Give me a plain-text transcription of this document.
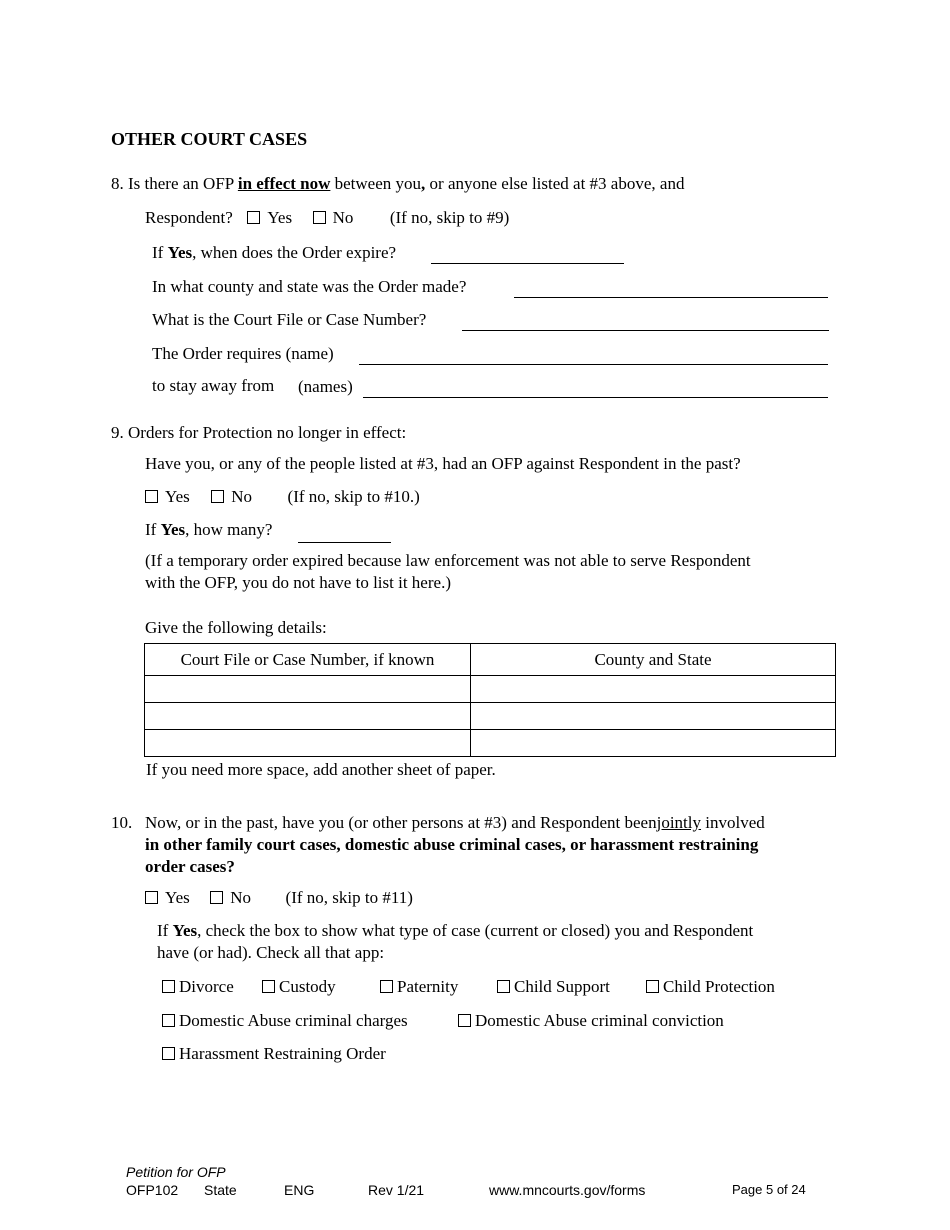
OTHER COURT CASES
8. Is there an OFP in effect now between you, or anyone else listed at #3 above, and
Respondent? Yes No (If no, skip to #9)
If Yes, when does the Order expire?
In what county and state was the Order made?
What is the Court File or Case Number?
The Order requires (name)
to stay away from (names)
9. Orders for Protection no longer in effect:
Have you, or any of the people listed at #3, had an OFP against Respondent in the past?
Yes No (If no, skip to #10.)
If Yes, how many?
(If a temporary order expired because law enforcement was not able to serve Respondent
with the OFP, you do not have to list it here.)
Give the following details:
Court File or Case Number, if known	County and State

If you need more space, add another sheet of paper.
10. Now, or in the past, have you (or other persons at #3) and Respondent beenjointly involved
in other family court cases, domestic abuse criminal cases, or harassment restraining
order cases?
Yes No (If no, skip to #11)
If Yes, check the box to show what type of case (current or closed) you and Respondent
have (or had). Check all that app:
Divorce	Custody	Paternity	Child Support	Child Protection
Domestic Abuse criminal charges	Domestic Abuse criminal conviction
Harassment Restraining Order
Petition for OFP
OFP102 State	ENG	Rev 1/21	www.mncourts.gov/forms	Page 5 of 24
